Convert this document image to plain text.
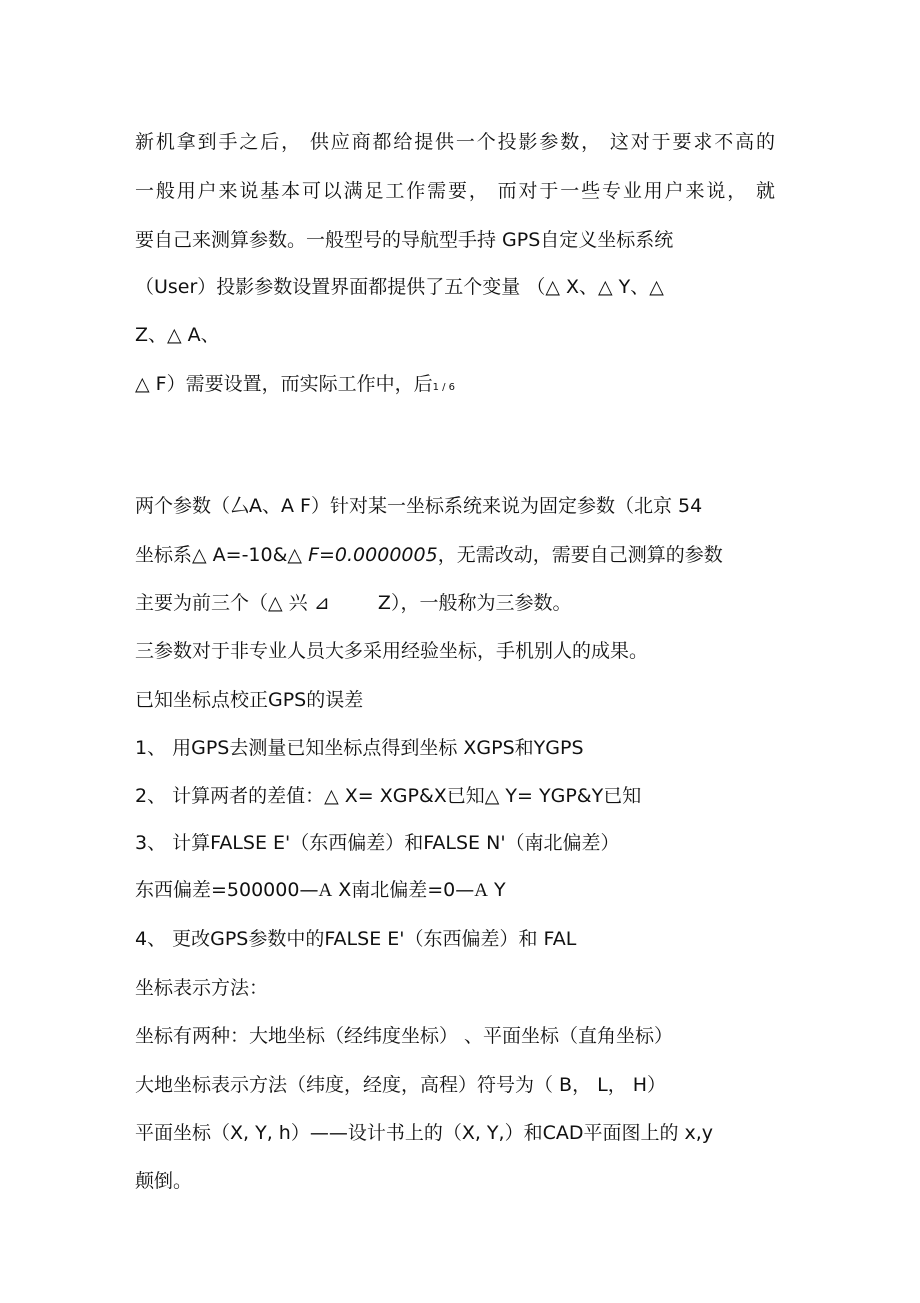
新机拿到手之后， 供应商都给提供一个投影参数， 这对于要求不高的
一般用户来说基本可以满足工作需要， 而对于一些专业用户来说， 就
要自己来测算参数。一般型号的导航型手持 GPS自定义坐标系统
（User）投影参数设置界面都提供了五个变量 （△ X、△ Y、△
Z、△ A、
△ F）需要设置，而实际工作中，后1 / 6
两个参数（厶A、A F）针对某一坐标系统来说为固定参数（北京 54
坐标系△ A=-10&△ F=0.0000005，无需改动，需要自己测算的参数
主要为前三个（△ 兴 ⊿        Z），一般称为三参数。
三参数对于非专业人员大多采用经验坐标，手机别人的成果。
已知坐标点校正GPS的误差
1、 用GPS去测量已知坐标点得到坐标 XGPS和YGPS
2、 计算两者的差值：△ X= XGP&X已知△ Y= YGP&Y已知
3、 计算FALSE E'（东西偏差）和FALSE N'（南北偏差）
东西偏差=500000—A X南北偏差=0—A Y
4、 更改GPS参数中的FALSE E'（东西偏差）和 FAL
坐标表示方法：
坐标有两种：大地坐标（经纬度坐标） 、平面坐标（直角坐标）
大地坐标表示方法（纬度，经度，高程）符号为（ B， L， H）
平面坐标（X, Y, h）——设计书上的（X, Y,）和CAD平面图上的 x,y
颠倒。
